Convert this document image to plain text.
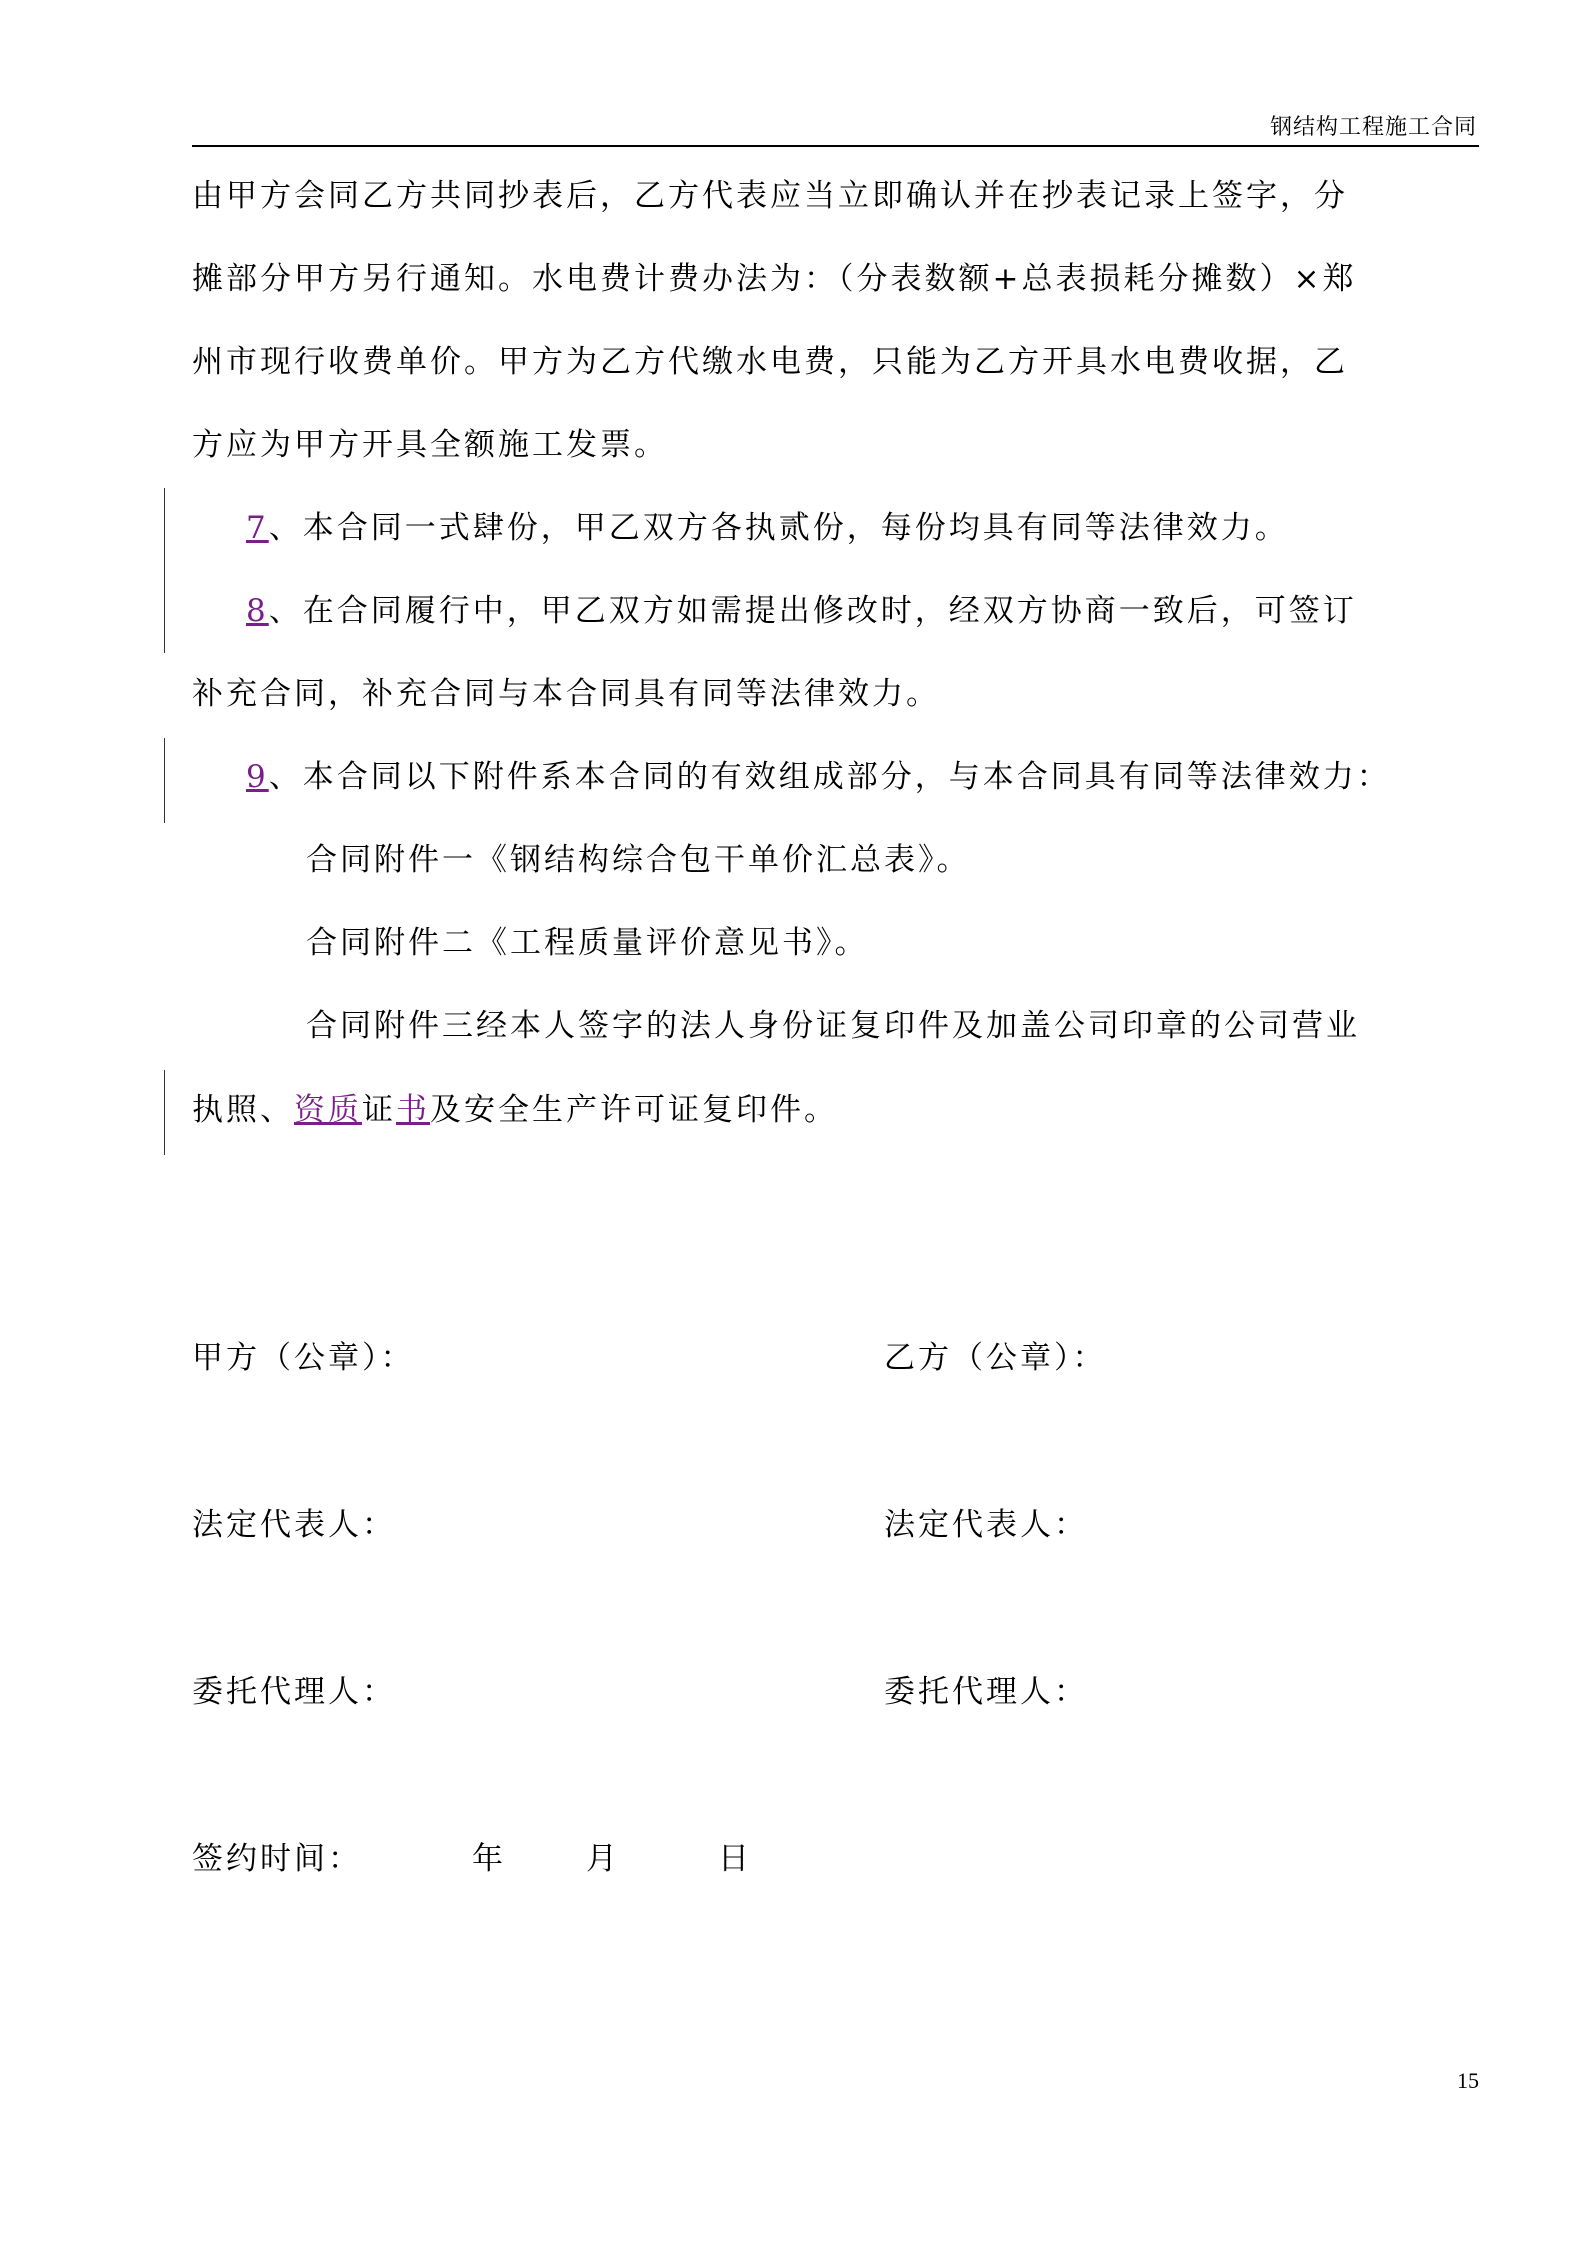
钢结构工程施工合同
由甲方会同乙方共同抄表后，乙方代表应当立即确认并在抄表记录上签字，分
摊部分甲方另行通知。水电费计费办法为：（分表数额+总表损耗分摊数）×郑
州市现行收费单价。甲方为乙方代缴水电费，只能为乙方开具水电费收据，乙
方应为甲方开具全额施工发票。
7、本合同一式肆份，甲乙双方各执贰份，每份均具有同等法律效力。
8、在合同履行中，甲乙双方如需提出修改时，经双方协商一致后，可签订
补充合同，补充合同与本合同具有同等法律效力。
9、本合同以下附件系本合同的有效组成部分，与本合同具有同等法律效力：
合同附件一《钢结构综合包干单价汇总表》。
合同附件二《工程质量评价意见书》。
合同附件三经本人签字的法人身份证复印件及加盖公司印章的公司营业
执照、资质证书及安全生产许可证复印件。
甲方（公章）：	乙方（公章）：
法定代表人：	法定代表人：
委托代理人：	委托代理人：
签约时间：	年	月	日
15
